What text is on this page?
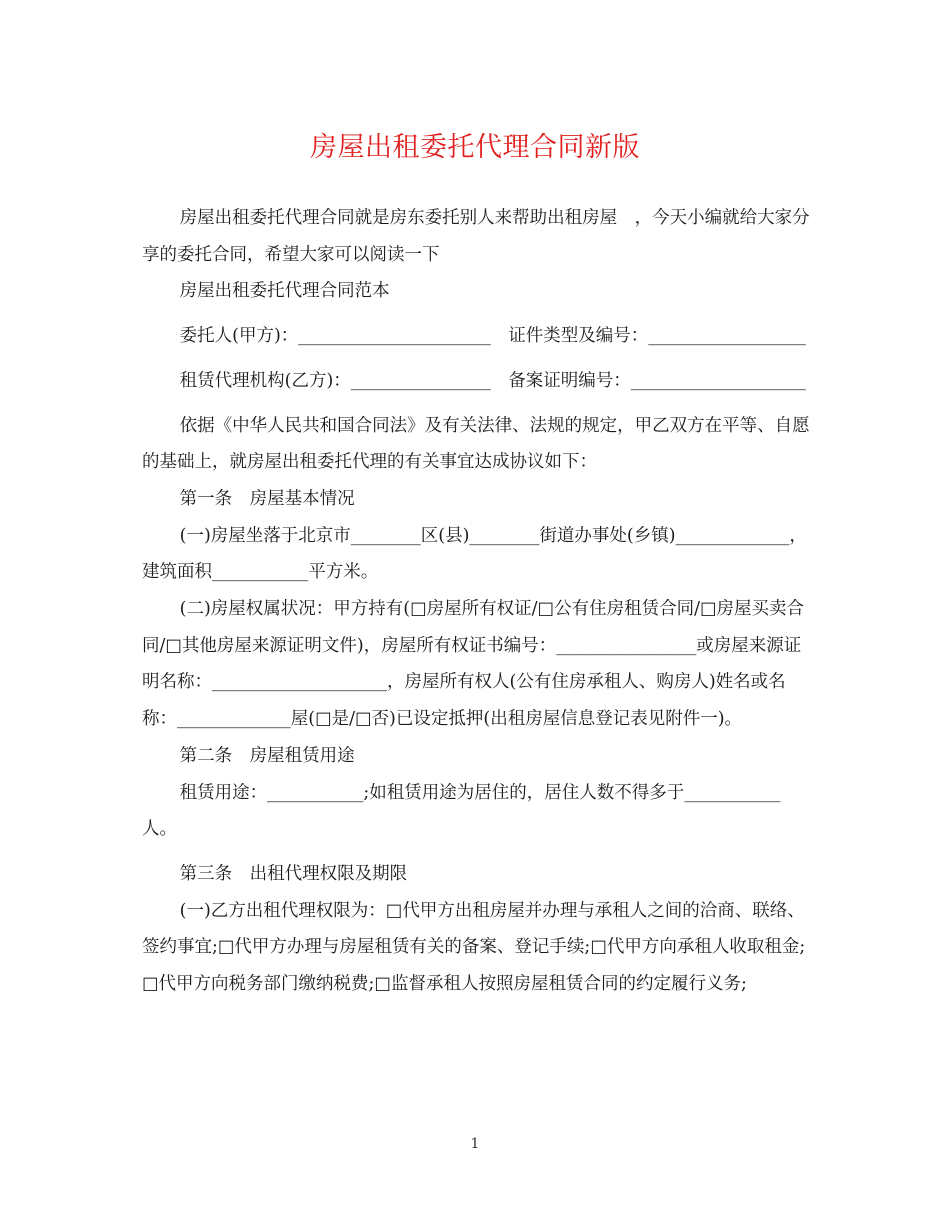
房屋出租委托代理合同新版

房屋出租委托代理合同就是房东委托别人来帮助出租房屋　，今天小编就给大家分享的委托合同，希望大家可以阅读一下

房屋出租委托代理合同范本

委托人(甲方)：______________________　证件类型及编号：__________________

租赁代理机构(乙方)：________________　备案证明编号：____________________

依据《中华人民共和国合同法》及有关法律、法规的规定，甲乙双方在平等、自愿的基础上，就房屋出租委托代理的有关事宜达成协议如下：

第一条　房屋基本情况

(一)房屋坐落于北京市________区(县)________街道办事处(乡镇)_____________，建筑面积___________平方米。

(二)房屋权属状况：甲方持有(□房屋所有权证/□公有住房租赁合同/□房屋买卖合同/□其他房屋来源证明文件)，房屋所有权证书编号：________________或房屋来源证明名称：____________________，房屋所有权人(公有住房承租人、购房人)姓名或名称：_____________屋(□是/□否)已设定抵押(出租房屋信息登记表见附件一)。

第二条　房屋租赁用途

租赁用途：___________;如租赁用途为居住的，居住人数不得多于___________人。

第三条　出租代理权限及期限

(一)乙方出租代理权限为：□代甲方出租房屋并办理与承租人之间的洽商、联络、签约事宜;□代甲方办理与房屋租赁有关的备案、登记手续;□代甲方向承租人收取租金;□代甲方向税务部门缴纳税费;□监督承租人按照房屋租赁合同的约定履行义务;

1
